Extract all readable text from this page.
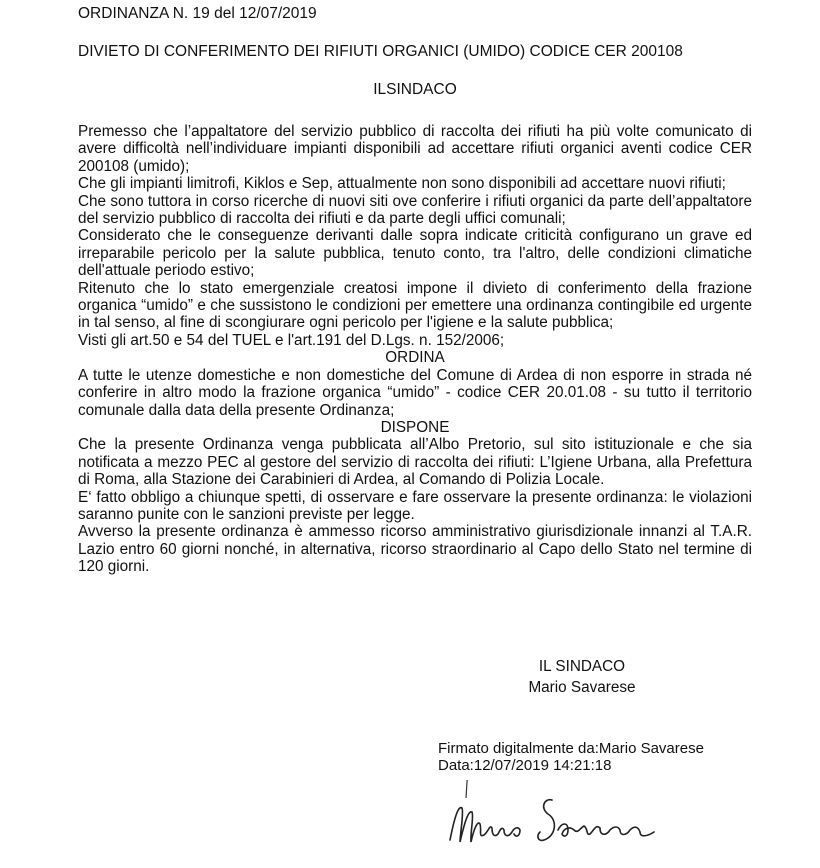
ORDINANZA N. 19 del 12/07/2019
DIVIETO DI CONFERIMENTO DEI RIFIUTI ORGANICI (UMIDO) CODICE CER 200108
ILSINDACO

Premesso che l’appaltatore del servizio pubblico di raccolta dei rifiuti ha più volte comunicato di avere difficoltà nell’individuare impianti disponibili ad accettare rifiuti organici aventi codice CER 200108 (umido);

Che gli impianti limitrofi, Kiklos e Sep, attualmente non sono disponibili ad accettare nuovi rifiuti;

Che sono tuttora in corso ricerche di nuovi siti ove conferire i rifiuti organici da parte dell’appaltatore del servizio pubblico di raccolta dei rifiuti e da parte degli uffici comunali;

Considerato che le conseguenze derivanti dalle sopra indicate criticità configurano un grave ed irreparabile pericolo per la salute pubblica, tenuto conto, tra l'altro, delle condizioni climatiche dell'attuale periodo estivo;

Ritenuto che lo stato emergenziale creatosi impone il divieto di conferimento della frazione organica “umido” e che sussistono le condizioni per emettere una ordinanza contingibile ed urgente in tal senso, al fine di scongiurare ogni pericolo per l'igiene e la salute pubblica;

Visti gli art.50 e 54 del TUEL e l'art.191 del D.Lgs. n. 152/2006;

ORDINA

A tutte le utenze domestiche e non domestiche del Comune di Ardea di non esporre in strada né conferire in altro modo la frazione organica “umido” - codice CER 20.01.08 - su tutto il territorio comunale dalla data della presente Ordinanza;

DISPONE

Che la presente Ordinanza venga pubblicata all’Albo Pretorio, sul sito istituzionale e che sia notificata a mezzo PEC al gestore del servizio di raccolta dei rifiuti: L’Igiene Urbana, alla Prefettura di Roma, alla Stazione dei Carabinieri di Ardea, al Comando di Polizia Locale.

E‘ fatto obbligo a chiunque spetti, di osservare e fare osservare la presente ordinanza: le violazioni saranno punite con le sanzioni previste per legge.

Avverso la presente ordinanza è ammesso ricorso amministrativo giurisdizionale innanzi al T.A.R. Lazio entro 60 giorni nonché, in alternativa, ricorso straordinario al Capo dello Stato nel termine di 120 giorni.

IL SINDACO
Mario Savarese
Firmato digitalmente da:Mario Savarese
Data:12/07/2019 14:21:18
